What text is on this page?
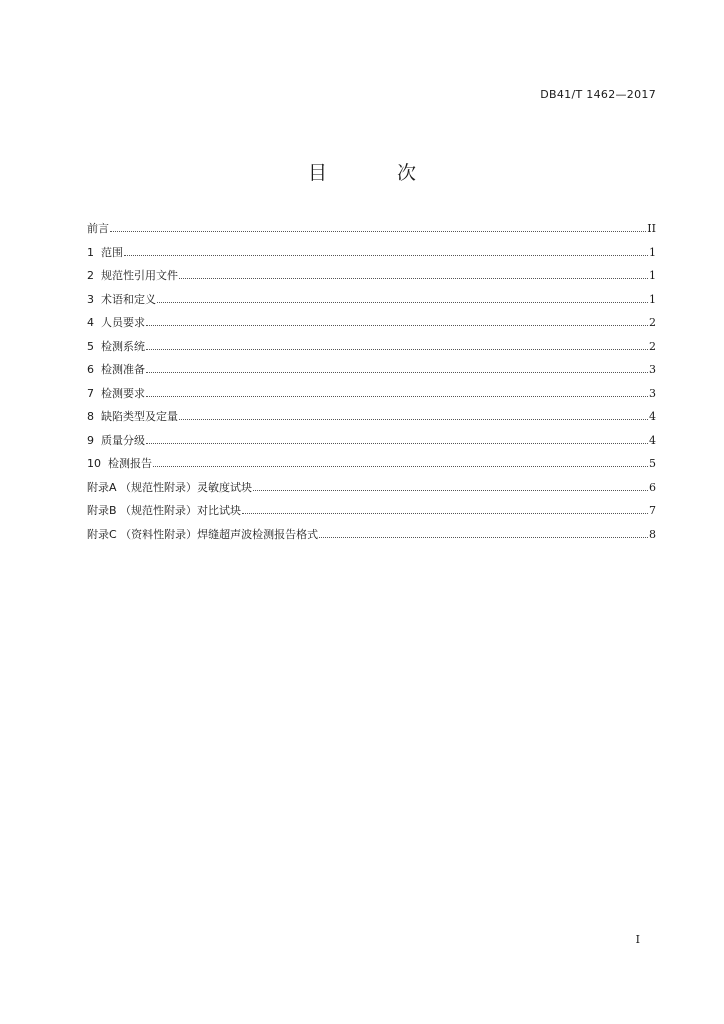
DB41/T 1462—2017
目 次
前言	II
1  范围	1
2  规范性引用文件	1
3  术语和定义	1
4  人员要求	2
5  检测系统	2
6  检测准备	3
7  检测要求	3
8  缺陷类型及定量	4
9  质量分级	4
10  检测报告	5
附录A （规范性附录）灵敏度试块	6
附录B （规范性附录）对比试块	7
附录C （资料性附录）焊缝超声波检测报告格式	8
I
